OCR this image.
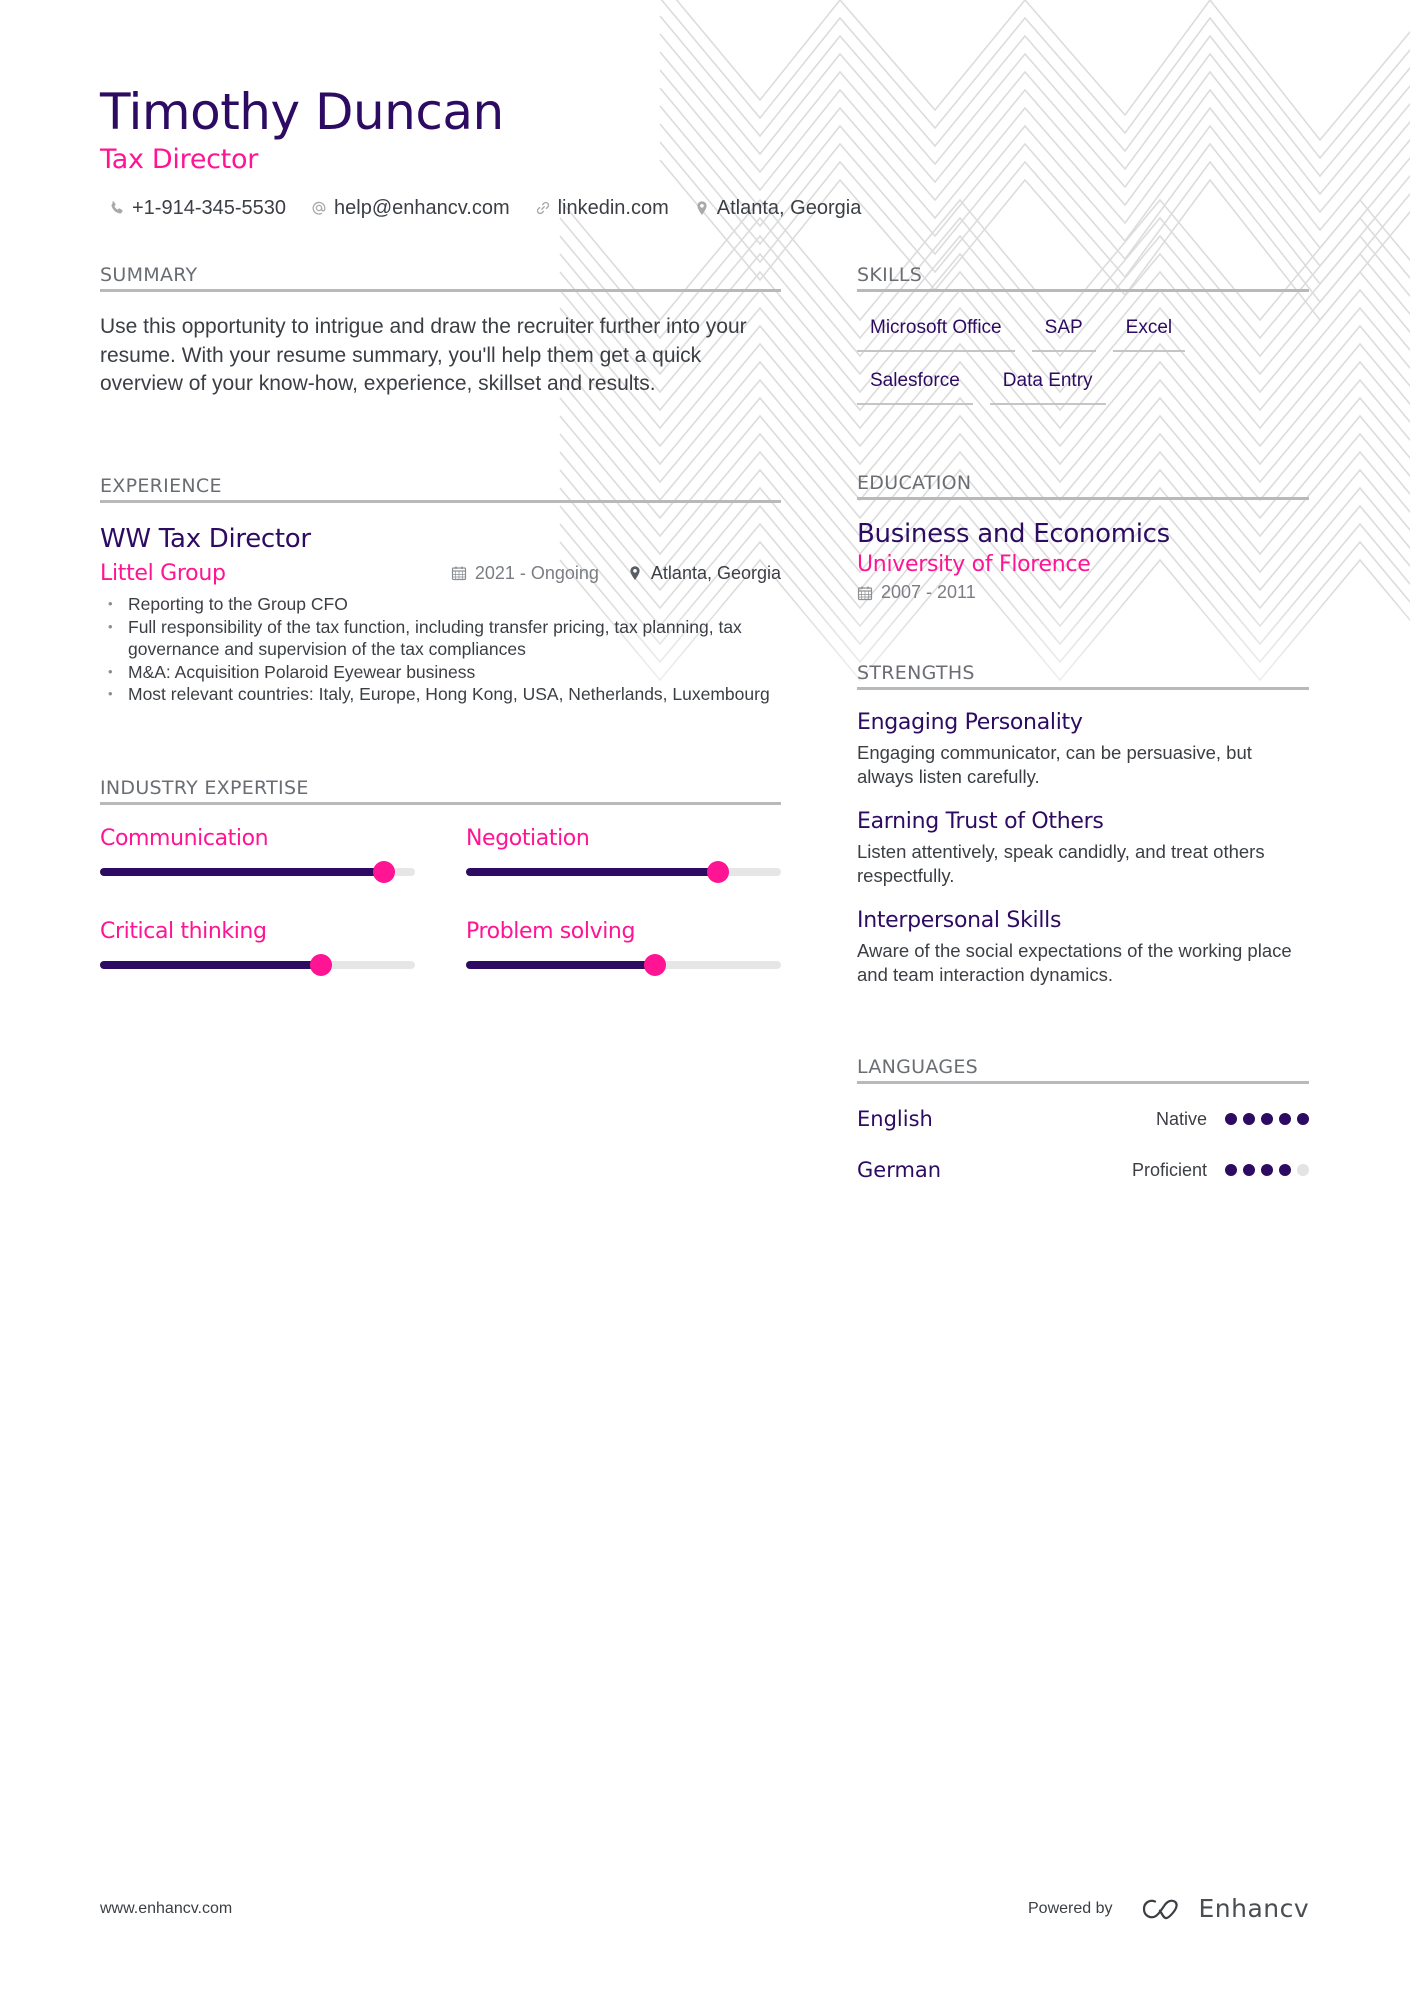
Timothy Duncan
Tax Director
+1-914-345-5530 help@enhancv.com linkedin.com Atlanta, Georgia
SUMMARY
Use this opportunity to intrigue and draw the recruiter further into your resume. With your resume summary, you'll help them get a quick overview of your know-how, experience, skillset and results.
EXPERIENCE
WW Tax Director
Littel Group	2021 - Ongoing	Atlanta, Georgia
• Reporting to the Group CFO
• Full responsibility of the tax function, including transfer pricing, tax planning, tax governance and supervision of the tax compliances
• M&A: Acquisition Polaroid Eyewear business
• Most relevant countries: Italy, Europe, Hong Kong, USA, Netherlands, Luxembourg
INDUSTRY EXPERTISE
Communication	Negotiation
Critical thinking	Problem solving
SKILLS
Microsoft Office	SAP	Excel
Salesforce	Data Entry
EDUCATION
Business and Economics
University of Florence
2007 - 2011
STRENGTHS
Engaging Personality
Engaging communicator, can be persuasive, but always listen carefully.
Earning Trust of Others
Listen attentively, speak candidly, and treat others respectfully.
Interpersonal Skills
Aware of the social expectations of the working place and team interaction dynamics.
LANGUAGES
English	Native
German	Proficient
www.enhancv.com	Powered by	Enhancv
